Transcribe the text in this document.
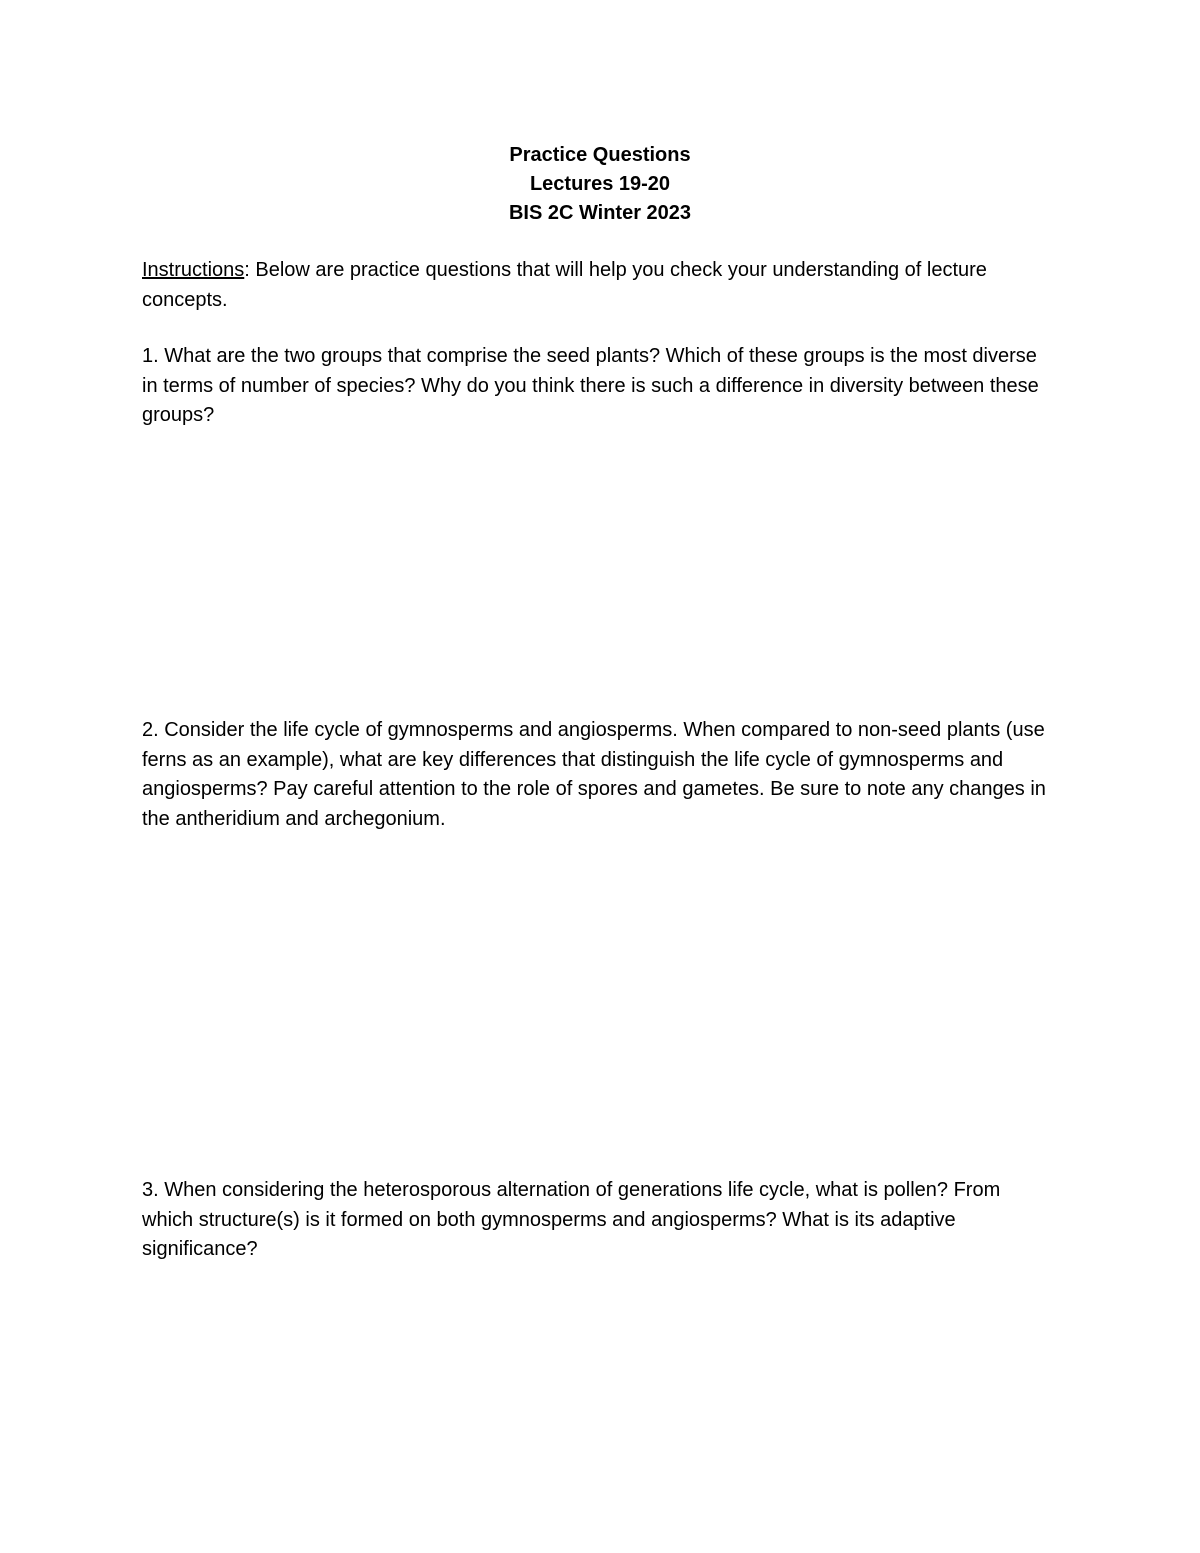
Practice Questions
Lectures 19-20
BIS 2C Winter 2023
Instructions: Below are practice questions that will help you check your understanding of lecture concepts.
1. What are the two groups that comprise the seed plants? Which of these groups is the most diverse in terms of number of species? Why do you think there is such a difference in diversity between these groups?
2. Consider the life cycle of gymnosperms and angiosperms. When compared to non-seed plants (use ferns as an example), what are key differences that distinguish the life cycle of gymnosperms and angiosperms? Pay careful attention to the role of spores and gametes. Be sure to note any changes in the antheridium and archegonium.
3. When considering the heterosporous alternation of generations life cycle, what is pollen? From which structure(s) is it formed on both gymnosperms and angiosperms? What is its adaptive significance?
